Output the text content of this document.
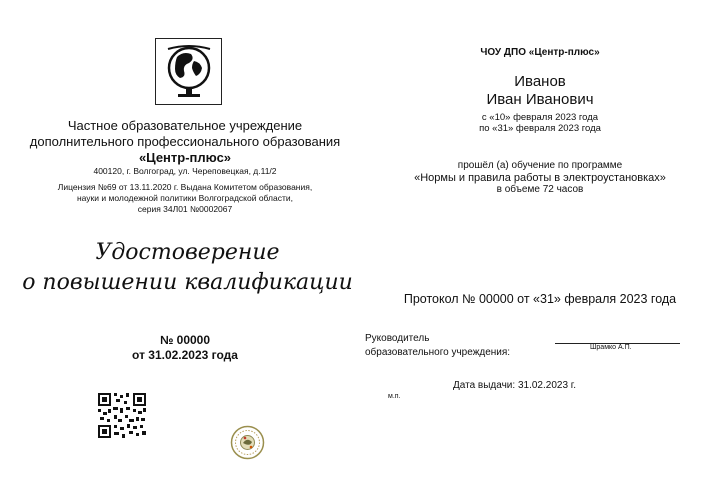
Частное образовательное учреждение
дополнительного профессионального образования
«Центр-плюс»
400120, г. Волгоград, ул. Череповецкая, д.11/2
Лицензия №69 от 13.11.2020 г. Выдана Комитетом образования,
науки и молодежной политики Волгоградской области,
серия 34Л01 №0002067
Удостоверение
о повышении квалификации
№ 00000
от 31.02.2023 года
ЧОУ ДПО «Центр-плюс»
Иванов
Иван Иванович
с «10» февраля 2023 года
по «31» февраля 2023 года
прошёл (а) обучение по программе
«Нормы и правила работы в электроустановках»
в объеме 72 часов
Протокол № 00000 от «31» февраля 2023 года
Руководитель
образовательного учреждения:	Шрамко А.П.
Дата выдачи: 31.02.2023 г.
м.п.
